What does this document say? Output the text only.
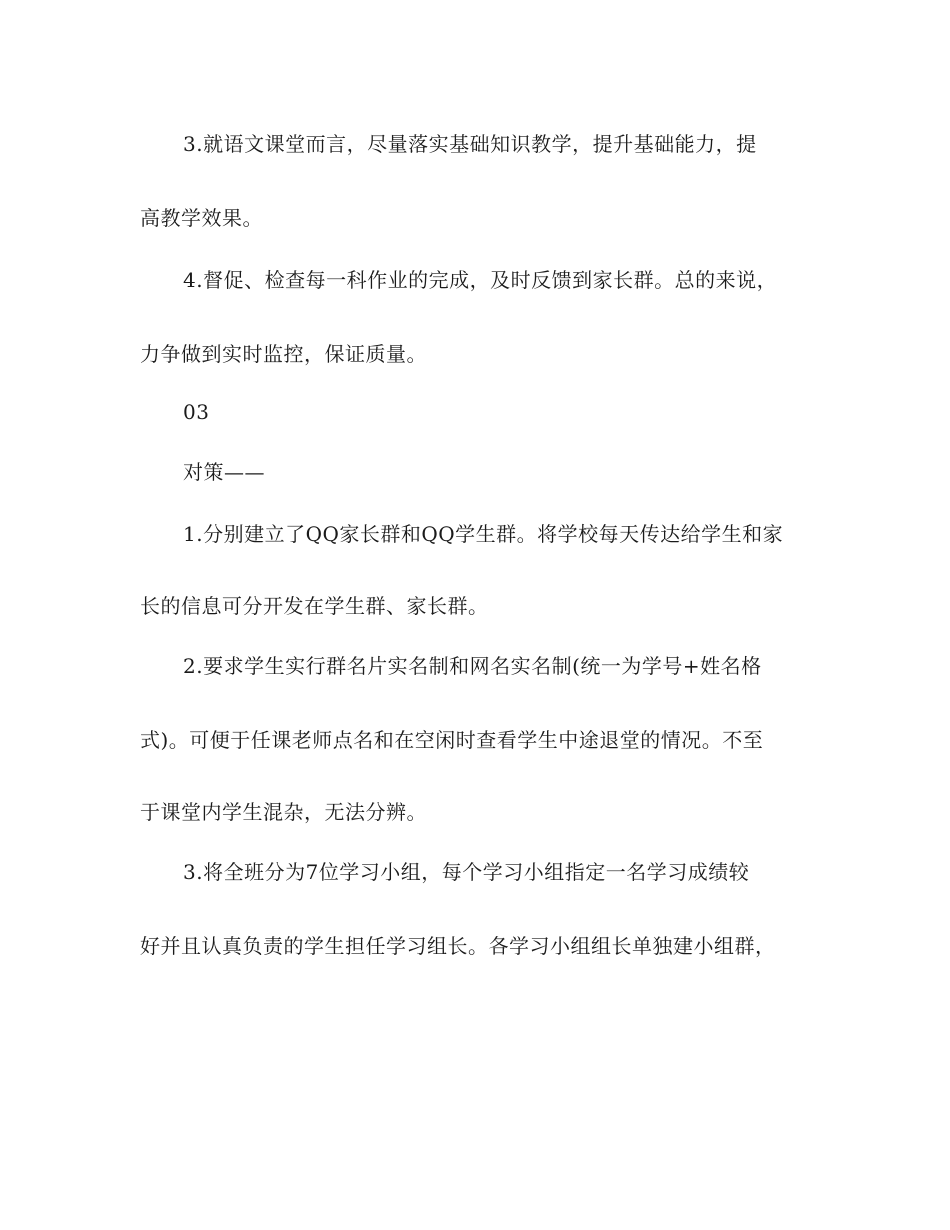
3.就语文课堂而言，尽量落实基础知识教学，提升基础能力，提
高教学效果。
4.督促、检查每一科作业的完成，及时反馈到家长群。总的来说，
力争做到实时监控，保证质量。
03
对策——
1.分别建立了QQ家长群和QQ学生群。将学校每天传达给学生和家
长的信息可分开发在学生群、家长群。
2.要求学生实行群名片实名制和网名实名制(统一为学号+姓名格
式)。可便于任课老师点名和在空闲时查看学生中途退堂的情况。不至
于课堂内学生混杂，无法分辨。
3.将全班分为7位学习小组，每个学习小组指定一名学习成绩较
好并且认真负责的学生担任学习组长。各学习小组组长单独建小组群，
